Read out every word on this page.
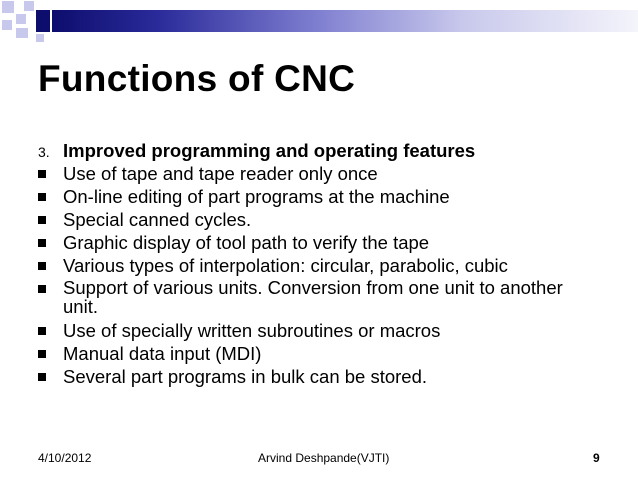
Functions of CNC
3. Improved programming and operating features
Use of tape and tape reader only once
On-line editing of part programs at the machine
Special canned cycles.
Graphic display of tool path to verify the tape
Various types of interpolation: circular, parabolic, cubic
Support of various units. Conversion from one unit to another unit.
Use of specially written subroutines or macros
Manual data input (MDI)
Several part programs in bulk can be stored.
4/10/2012	Arvind Deshpande(VJTI)	9
